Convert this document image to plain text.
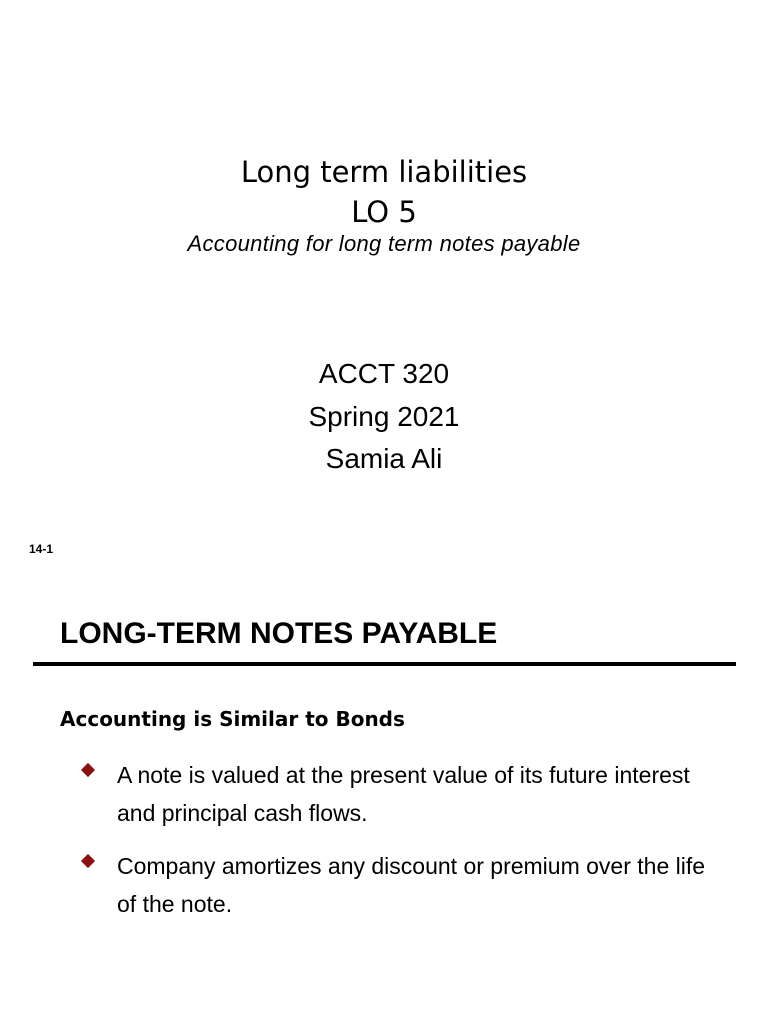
Long term liabilities
LO 5
Accounting for long term notes payable
ACCT 320
Spring 2021
Samia Ali
14-1
LONG-TERM NOTES PAYABLE
Accounting is Similar to Bonds
A note is valued at the present value of its future interest and principal cash flows.
Company amortizes any discount or premium over the life of the note.
